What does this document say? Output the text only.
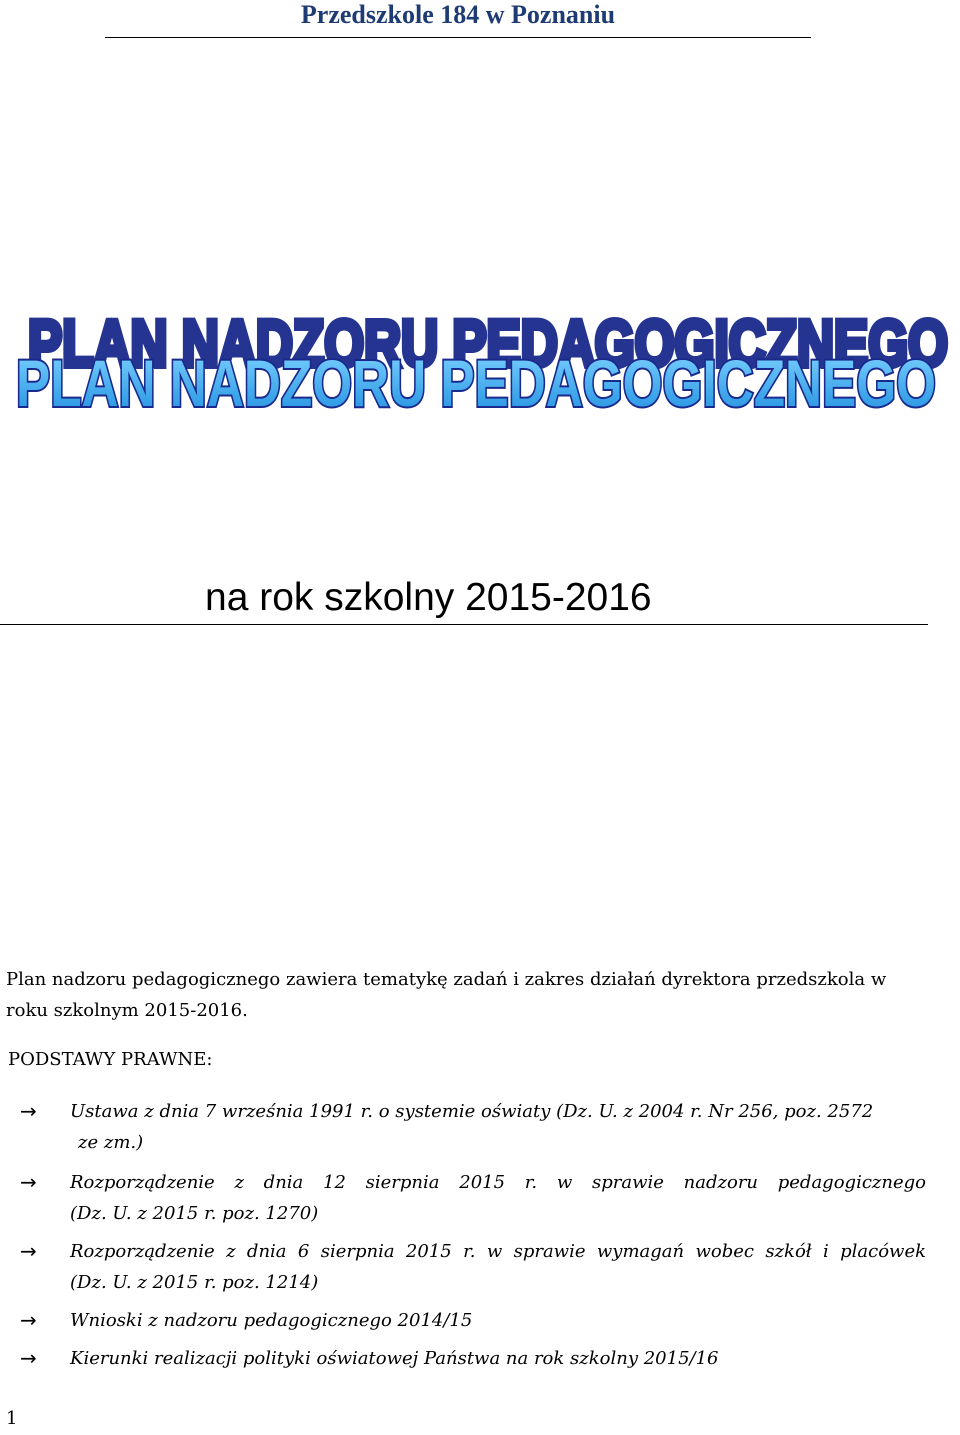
Przedszkole 184 w Poznaniu
PLAN NADZORU PEDAGOGICZNEGO
PLAN NADZORU PEDAGOGICZNEGO
na rok szkolny 2015-2016
Plan nadzoru pedagogicznego zawiera tematykę zadań i zakres działań dyrektora przedszkola w roku szkolnym 2015-2016.
PODSTAWY PRAWNE:
→ Ustawa z dnia 7 września 1991 r. o systemie oświaty (Dz. U. z 2004 r. Nr 256, poz. 2572
ze zm.)
→ Rozporządzenie z dnia 12 sierpnia 2015 r. w sprawie nadzoru pedagogicznego
(Dz. U. z 2015 r. poz. 1270)
→ Rozporządzenie z dnia 6 sierpnia 2015 r. w sprawie wymagań wobec szkół i placówek
(Dz. U. z 2015 r. poz. 1214)
→ Wnioski z nadzoru pedagogicznego 2014/15
→ Kierunki realizacji polityki oświatowej Państwa na rok szkolny 2015/16
1
